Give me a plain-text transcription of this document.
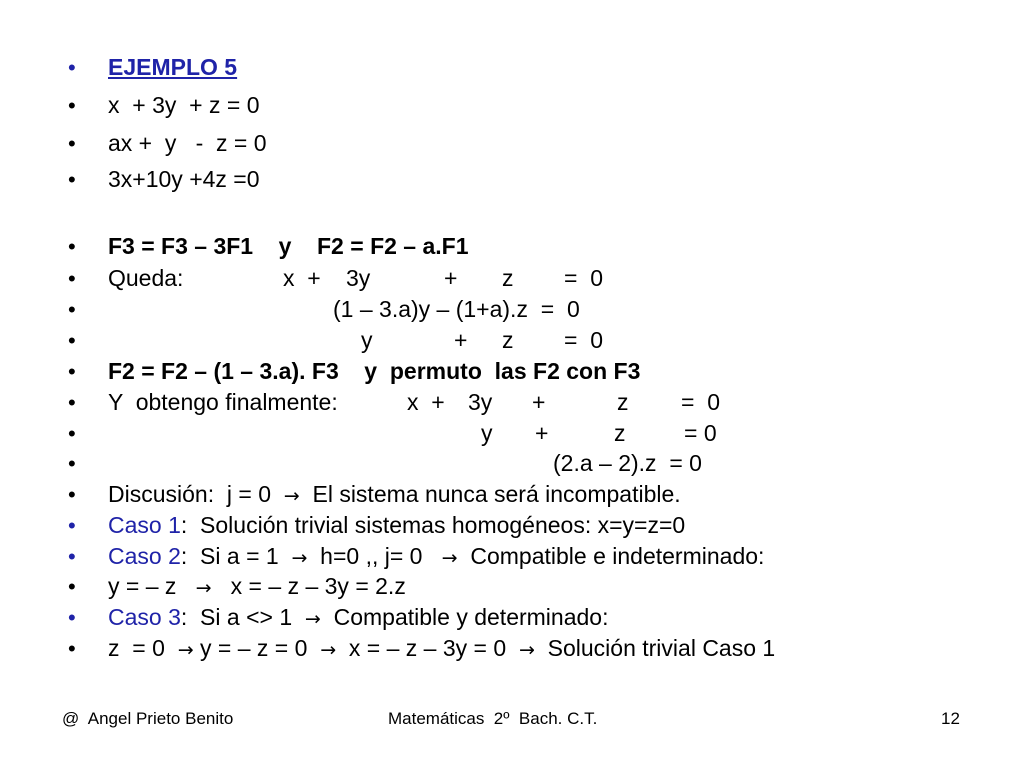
•

	EJEMPLO 5

•

	x  + 3y  + z = 0

•

	ax +  y   -  z = 0

•

	3x+10y +4z =0

•

	F3 = F3 – 3F1    y    F2 = F2 – a.F1

•

	Queda:

	x  +

3y

	+

z

=  0

•

	(1 – 3.a)y – (1+a).z  =  0

•

	y

	+

z

=  0

•

	F2 = F2 – (1 – 3.a). F3    y  permuto  las F2 con F3

•

	Y  obtengo finalmente:

	x  +

3y

+

	z

=  0

•

	y

+

	z

	= 0

•

	(2.a – 2).z  = 0

•

	Discusión:  j = 0 → El sistema nunca será incompatible.

•

	Caso 1:  Solución trivial sistemas homogéneos: x=y=z=0

•

	Caso 2:  Si a = 1 → h=0 ,, j= 0 → Compatible e indeterminado:

•

	y = – z → x = – z – 3y = 2.z

•

	Caso 3:  Si a <> 1 → Compatible y determinado:

•

	z  = 0 → y = – z = 0 → x = – z – 3y = 0 → Solución trivial Caso 1

@  Angel Prieto Benito	Matemáticas  2º  Bach. C.T.	12
